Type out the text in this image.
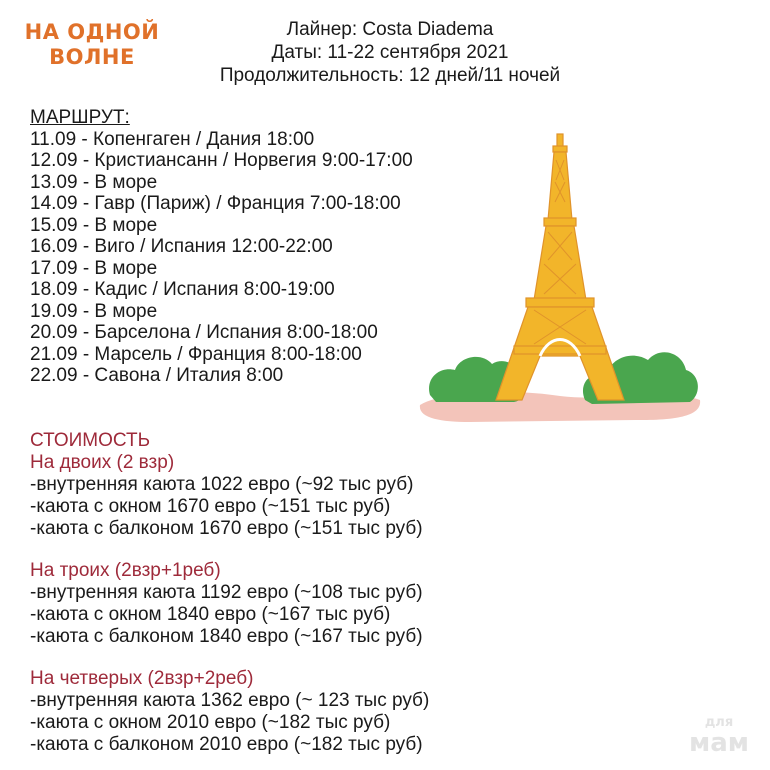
НА ОДНОЙ
ВОЛНЕ
Лайнер: Costa Diadema
Даты: 11-22 сентября 2021
Продолжительность: 12 дней/11 ночей
МАРШРУТ:
11.09 - Копенгаген / Дания 18:00
12.09 - Кристиансанн / Норвегия 9:00-17:00
13.09 - В море
14.09 - Гавр (Париж) / Франция 7:00-18:00
15.09 - В море
16.09 - Виго / Испания 12:00-22:00
17.09 - В море
18.09 - Кадис / Испания 8:00-19:00
19.09 - В море
20.09 - Барселона / Испания 8:00-18:00
21.09 - Марсель / Франция 8:00-18:00
22.09 - Савона / Италия 8:00
СТОИМОСТЬ
На двоих (2 взр)
-внутренняя каюта 1022 евро (~92 тыс руб)
-каюта с окном 1670 евро (~151 тыс руб)
-каюта с балконом 1670 евро (~151 тыс руб)
На троих (2взр+1реб)
-внутренняя каюта 1192 евро (~108 тыс руб)
-каюта с окном 1840 евро (~167 тыс руб)
-каюта с балконом 1840 евро (~167 тыс руб)
На четверых (2взр+2реб)
-внутренняя каюта 1362 евро (~ 123 тыс руб)
-каюта с окном 2010 евро (~182 тыс руб)
-каюта с балконом 2010 евро (~182 тыс руб)
для
мам
